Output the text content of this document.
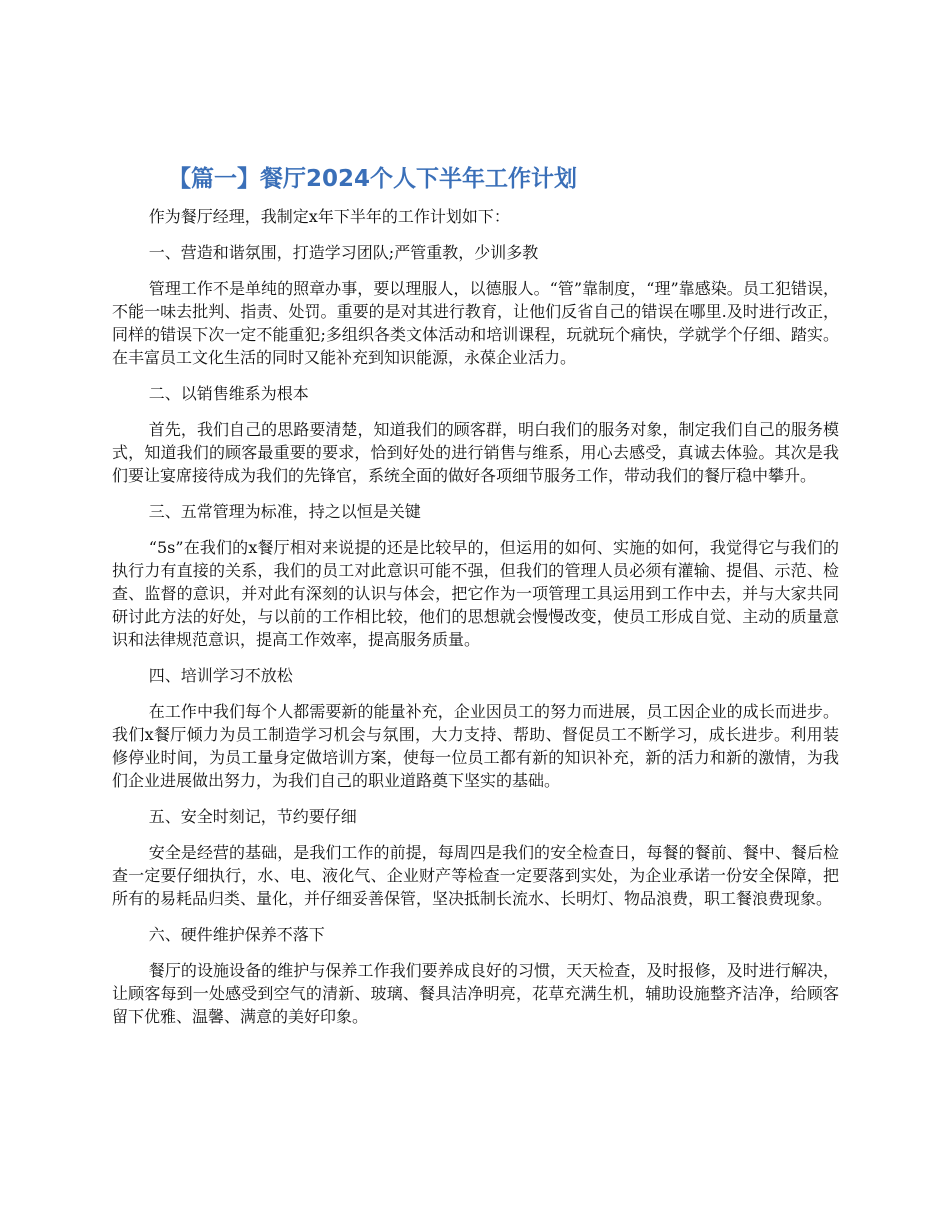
【篇一】餐厅2024个人下半年工作计划

作为餐厅经理，我制定x年下半年的工作计划如下：

一、营造和谐氛围，打造学习团队;严管重教，少训多教

管理工作不是单纯的照章办事，要以理服人，以德服人。“管”靠制度，“理”靠感染。员工犯错误，不能一味去批判、指责、处罚。重要的是对其进行教育，让他们反省自己的错误在哪里.及时进行改正，同样的错误下次一定不能重犯;多组织各类文体活动和培训课程，玩就玩个痛快，学就学个仔细、踏实。在丰富员工文化生活的同时又能补充到知识能源，永葆企业活力。

二、以销售维系为根本

首先，我们自己的思路要清楚，知道我们的顾客群，明白我们的服务对象，制定我们自己的服务模式，知道我们的顾客最重要的要求，恰到好处的进行销售与维系，用心去感受，真诚去体验。其次是我们要让宴席接待成为我们的先锋官，系统全面的做好各项细节服务工作，带动我们的餐厅稳中攀升。

三、五常管理为标准，持之以恒是关键

“5s”在我们的x餐厅相对来说提的还是比较早的，但运用的如何、实施的如何，我觉得它与我们的执行力有直接的关系，我们的员工对此意识可能不强，但我们的管理人员必须有灌输、提倡、示范、检查、监督的意识，并对此有深刻的认识与体会，把它作为一项管理工具运用到工作中去，并与大家共同研讨此方法的好处，与以前的工作相比较，他们的思想就会慢慢改变，使员工形成自觉、主动的质量意识和法律规范意识，提高工作效率，提高服务质量。

四、培训学习不放松

在工作中我们每个人都需要新的能量补充，企业因员工的努力而进展，员工因企业的成长而进步。我们x餐厅倾力为员工制造学习机会与氛围，大力支持、帮助、督促员工不断学习，成长进步。利用装修停业时间，为员工量身定做培训方案，使每一位员工都有新的知识补充，新的活力和新的激情，为我们企业进展做出努力，为我们自己的职业道路奠下坚实的基础。

五、安全时刻记，节约要仔细

安全是经营的基础，是我们工作的前提，每周四是我们的安全检查日，每餐的餐前、餐中、餐后检查一定要仔细执行，水、电、液化气、企业财产等检查一定要落到实处，为企业承诺一份安全保障，把所有的易耗品归类、量化，并仔细妥善保管，坚决抵制长流水、长明灯、物品浪费，职工餐浪费现象。

六、硬件维护保养不落下

餐厅的设施设备的维护与保养工作我们要养成良好的习惯，天天检查，及时报修，及时进行解决，让顾客每到一处感受到空气的清新、玻璃、餐具洁净明亮，花草充满生机，辅助设施整齐洁净，给顾客留下优雅、温馨、满意的美好印象。
